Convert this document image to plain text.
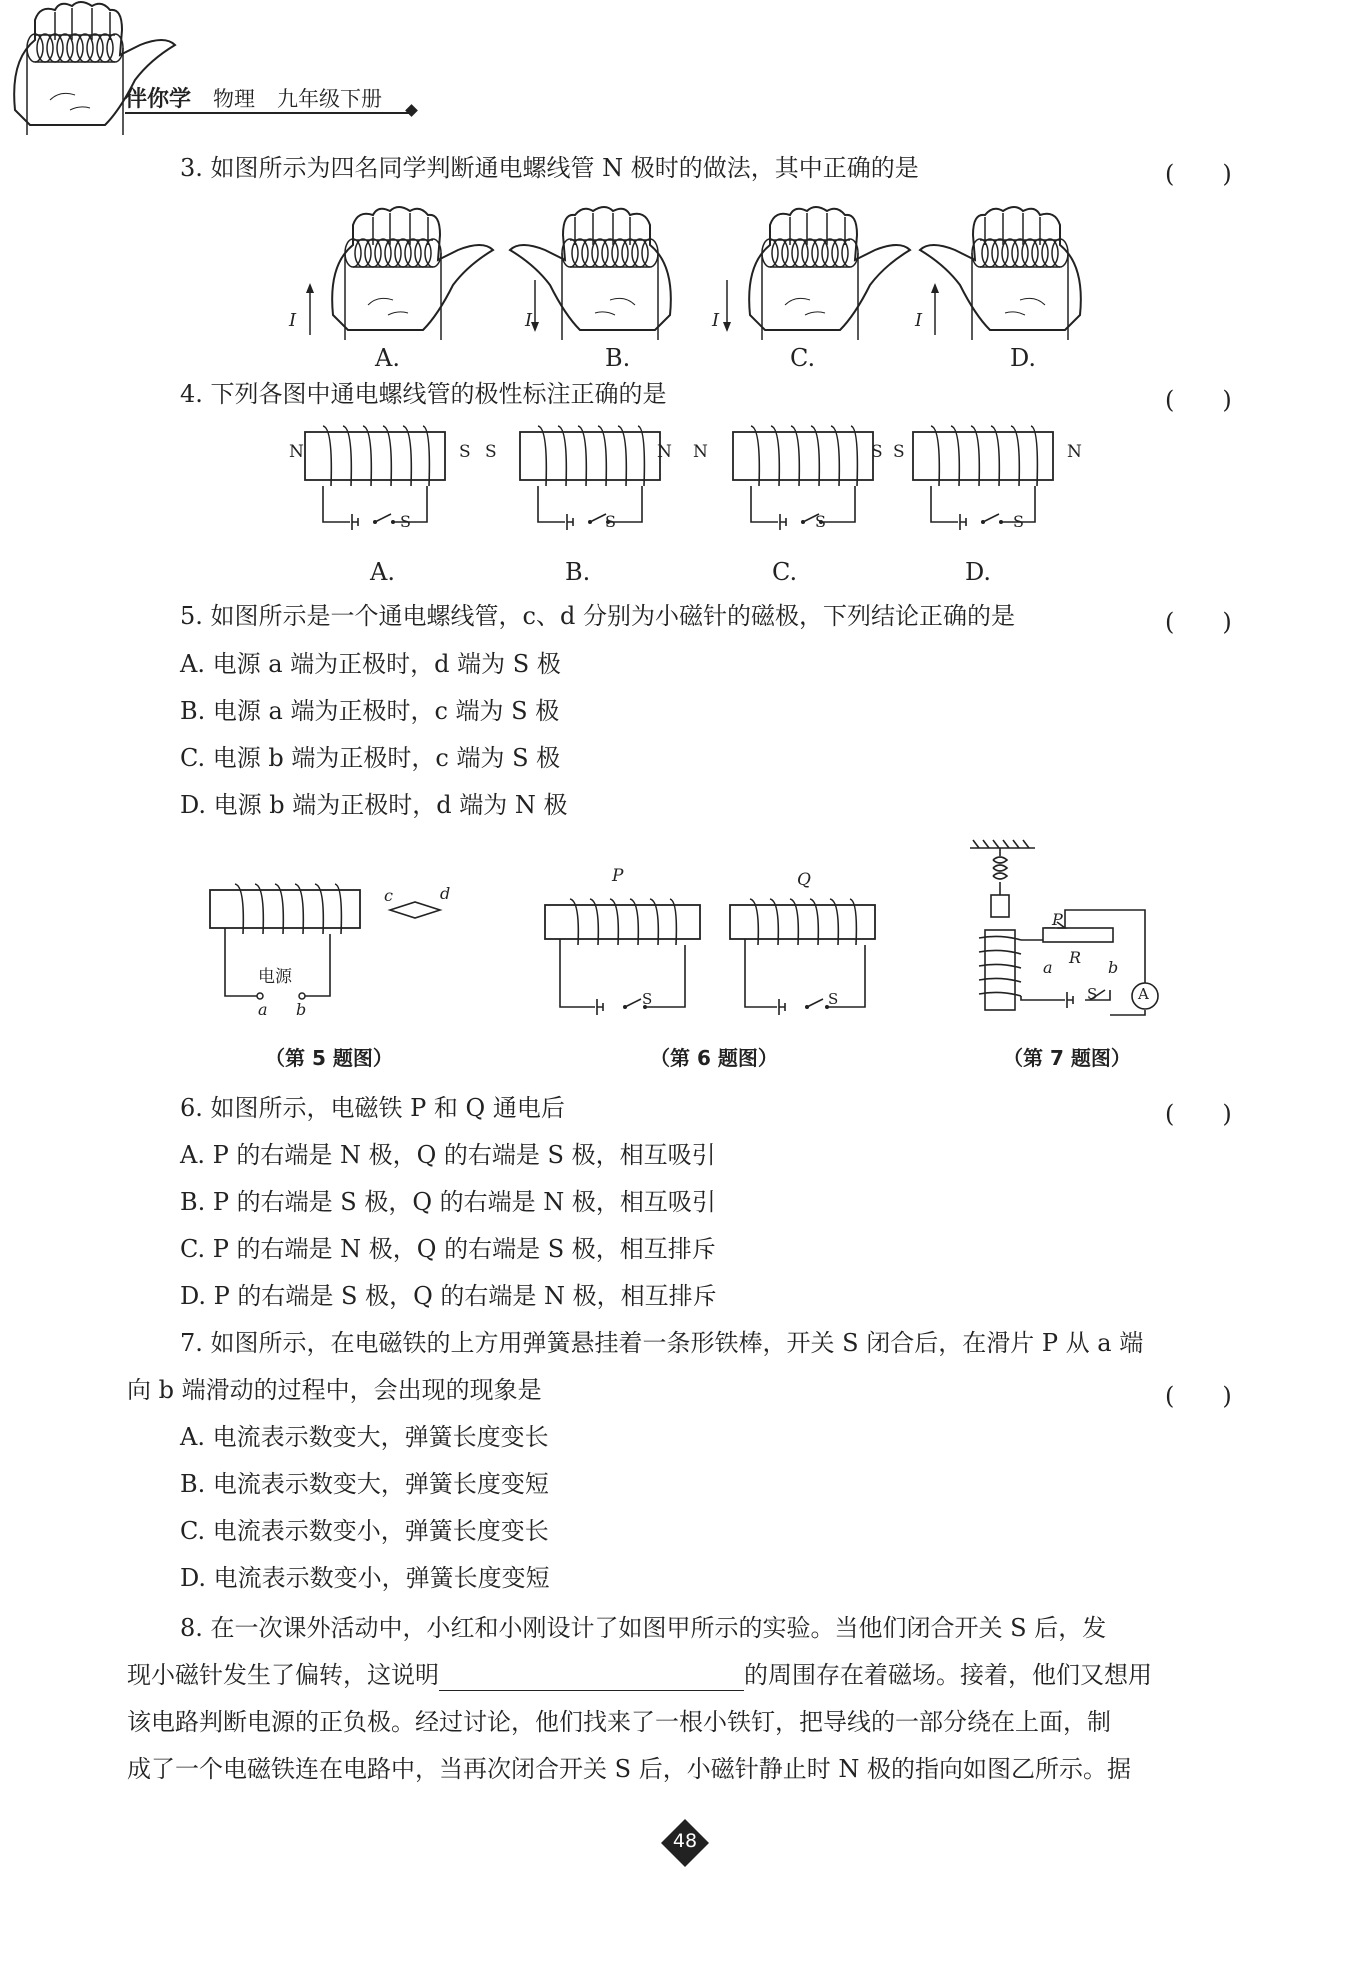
伴你学 物理 九年级下册
3. 如图所示为四名同学判断通电螺线管 N 极时的做法，其中正确的是	(　　)
I	I	I	I
A.	B.	C.	D.
4. 下列各图中通电螺线管的极性标注正确的是	(　　)
N	S S	N N	S S	N
S	S	S	S
A.	B.	C.	D.
5. 如图所示是一个通电螺线管，c、d 分别为小磁针的磁极，下列结论正确的是	(　　)
A. 电源 a 端为正极时，d 端为 S 极
B. 电源 a 端为正极时，c 端为 S 极
C. 电源 b 端为正极时，c 端为 S 极
D. 电源 b 端为正极时，d 端为 N 极
电源
a b
c	d
（第 5 题图）
P	Q
S	S
（第 6 题图）
P
R
a	b
S	A
（第 7 题图）
6. 如图所示，电磁铁 P 和 Q 通电后	(　　)
A. P 的右端是 N 极，Q 的右端是 S 极，相互吸引
B. P 的右端是 S 极，Q 的右端是 N 极，相互吸引
C. P 的右端是 N 极，Q 的右端是 S 极，相互排斥
D. P 的右端是 S 极，Q 的右端是 N 极，相互排斥
7. 如图所示，在电磁铁的上方用弹簧悬挂着一条形铁棒，开关 S 闭合后，在滑片 P 从 a 端
向 b 端滑动的过程中，会出现的现象是	(　　)
A. 电流表示数变大，弹簧长度变长
B. 电流表示数变大，弹簧长度变短
C. 电流表示数变小，弹簧长度变长
D. 电流表示数变小，弹簧长度变短
8. 在一次课外活动中，小红和小刚设计了如图甲所示的实验。当他们闭合开关 S 后，发
现小磁针发生了偏转，这说明	的周围存在着磁场。接着，他们又想用
该电路判断电源的正负极。经过讨论，他们找来了一根小铁钉，把导线的一部分绕在上面，制
成了一个电磁铁连在电路中，当再次闭合开关 S 后，小磁针静止时 N 极的指向如图乙所示。据
48
